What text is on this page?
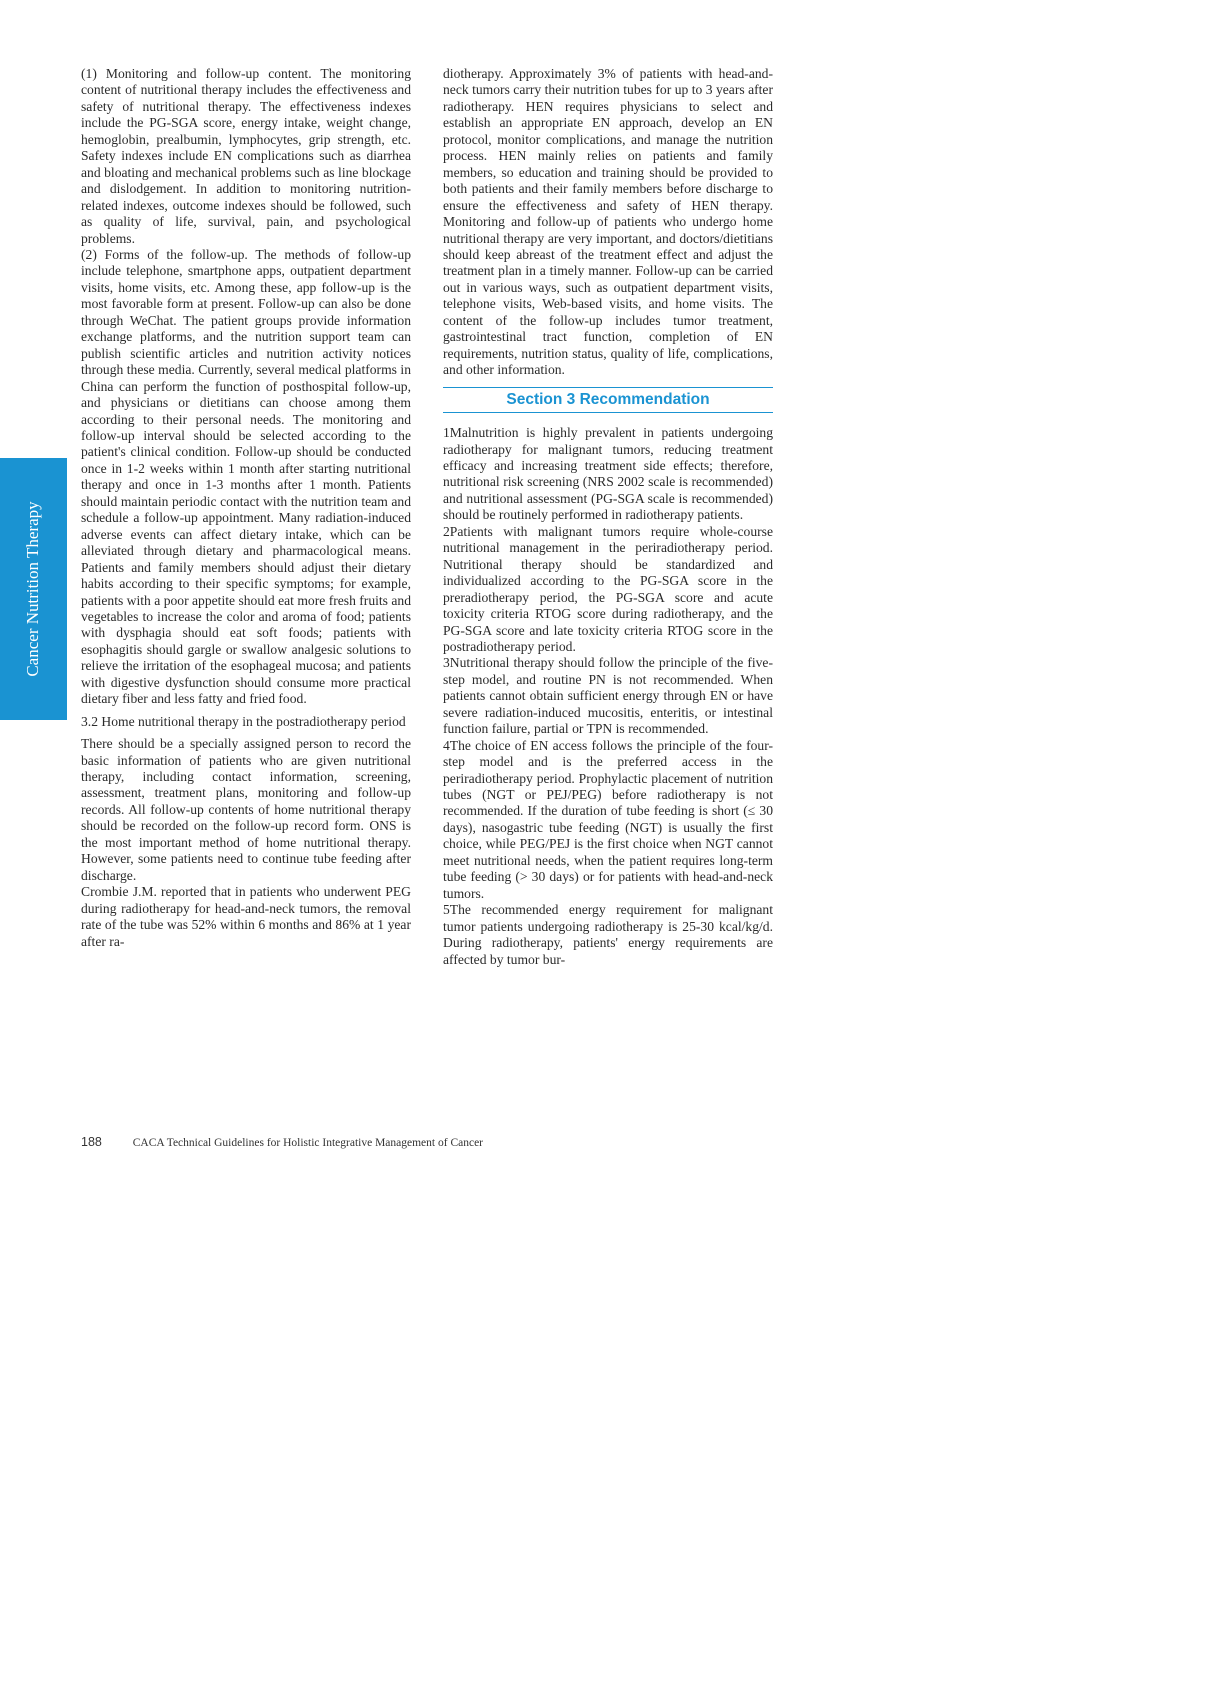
Cancer Nutrition Therapy

(1) Monitoring and follow-up content. The monitoring content of nutritional therapy includes the effectiveness and safety of nutritional therapy. The effectiveness indexes include the PG-SGA score, energy intake, weight change, hemoglobin, prealbumin, lymphocytes, grip strength, etc. Safety indexes include EN complications such as diarrhea and bloating and mechanical problems such as line blockage and dislodgement. In addition to monitoring nutrition-related indexes, outcome indexes should be followed, such as quality of life, survival, pain, and psychological problems.

(2) Forms of the follow-up. The methods of follow-up include telephone, smartphone apps, outpatient department visits, home visits, etc. Among these, app follow-up is the most favorable form at present. Follow-up can also be done through WeChat. The patient groups provide information exchange platforms, and the nutrition support team can publish scientific articles and nutrition activity notices through these media. Currently, several medical platforms in China can perform the function of posthospital follow-up, and physicians or dietitians can choose among them according to their personal needs. The monitoring and follow-up interval should be selected according to the patient's clinical condition. Follow-up should be conducted once in 1-2 weeks within 1 month after starting nutritional therapy and once in 1-3 months after 1 month. Patients should maintain periodic contact with the nutrition team and schedule a follow-up appointment. Many radiation-induced adverse events can affect dietary intake, which can be alleviated through dietary and pharmacological means. Patients and family members should adjust their dietary habits according to their specific symptoms; for example, patients with a poor appetite should eat more fresh fruits and vegetables to increase the color and aroma of food; patients with dysphagia should eat soft foods; patients with esophagitis should gargle or swallow analgesic solutions to relieve the irritation of the esophageal mucosa; and patients with digestive dysfunction should consume more practical dietary fiber and less fatty and fried food.

3.2 Home nutritional therapy in the postradiotherapy period

There should be a specially assigned person to record the basic information of patients who are given nutritional therapy, including contact information, screening, assessment, treatment plans, monitoring and follow-up records. All follow-up contents of home nutritional therapy should be recorded on the follow-up record form. ONS is the most important method of home nutritional therapy. However, some patients need to continue tube feeding after discharge.

Crombie J.M. reported that in patients who underwent PEG during radiotherapy for head-and-neck tumors, the removal rate of the tube was 52% within 6 months and 86% at 1 year after ra-

diotherapy. Approximately 3% of patients with head-and-neck tumors carry their nutrition tubes for up to 3 years after radiotherapy. HEN requires physicians to select and establish an appropriate EN approach, develop an EN protocol, monitor complications, and manage the nutrition process. HEN mainly relies on patients and family members, so education and training should be provided to both patients and their family members before discharge to ensure the effectiveness and safety of HEN therapy. Monitoring and follow-up of patients who undergo home nutritional therapy are very important, and doctors/dietitians should keep abreast of the treatment effect and adjust the treatment plan in a timely manner. Follow-up can be carried out in various ways, such as outpatient department visits, telephone visits, Web-based visits, and home visits. The content of the follow-up includes tumor treatment, gastrointestinal tract function, completion of EN requirements, nutrition status, quality of life, complications, and other information.

Section 3 Recommendation

1Malnutrition is highly prevalent in patients undergoing radiotherapy for malignant tumors, reducing treatment efficacy and increasing treatment side effects; therefore, nutritional risk screening (NRS 2002 scale is recommended) and nutritional assessment (PG-SGA scale is recommended) should be routinely performed in radiotherapy patients.

2Patients with malignant tumors require whole-course nutritional management in the periradiotherapy period. Nutritional therapy should be standardized and individualized according to the PG-SGA score in the preradiotherapy period, the PG-SGA score and acute toxicity criteria RTOG score during radiotherapy, and the PG-SGA score and late toxicity criteria RTOG score in the postradiotherapy period.

3Nutritional therapy should follow the principle of the five-step model, and routine PN is not recommended. When patients cannot obtain sufficient energy through EN or have severe radiation-induced mucositis, enteritis, or intestinal function failure, partial or TPN is recommended.

4The choice of EN access follows the principle of the four-step model and is the preferred access in the periradiotherapy period. Prophylactic placement of nutrition tubes (NGT or PEJ/PEG) before radiotherapy is not recommended. If the duration of tube feeding is short (≤ 30 days), nasogastric tube feeding (NGT) is usually the first choice, while PEG/PEJ is the first choice when NGT cannot meet nutritional needs, when the patient requires long-term tube feeding (> 30 days) or for patients with head-and-neck tumors.

5The recommended energy requirement for malignant tumor patients undergoing radiotherapy is 25-30 kcal/kg/d. During radiotherapy, patients' energy requirements are affected by tumor bur-

188	CACA Technical Guidelines for Holistic Integrative Management of Cancer
